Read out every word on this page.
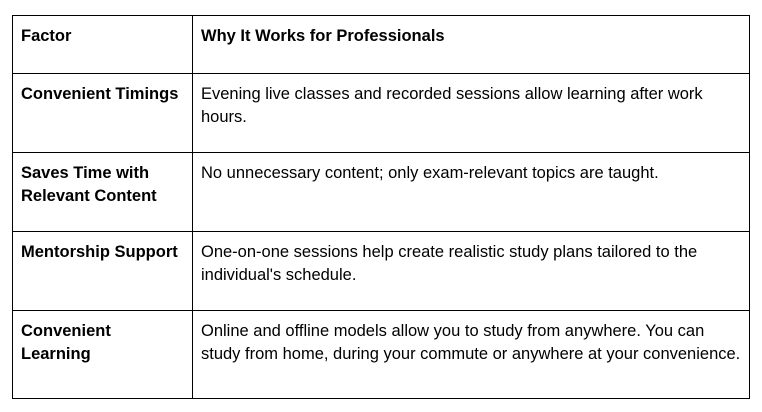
Factor	Why It Works for Professionals
Convenient Timings	Evening live classes and recorded sessions allow learning after work hours.
Saves Time with Relevant Content	No unnecessary content; only exam-relevant topics are taught.
Mentorship Support	One-on-one sessions help create realistic study plans tailored to the individual's schedule.
Convenient Learning	Online and offline models allow you to study from anywhere. You can study from home, during your commute or anywhere at your convenience.
